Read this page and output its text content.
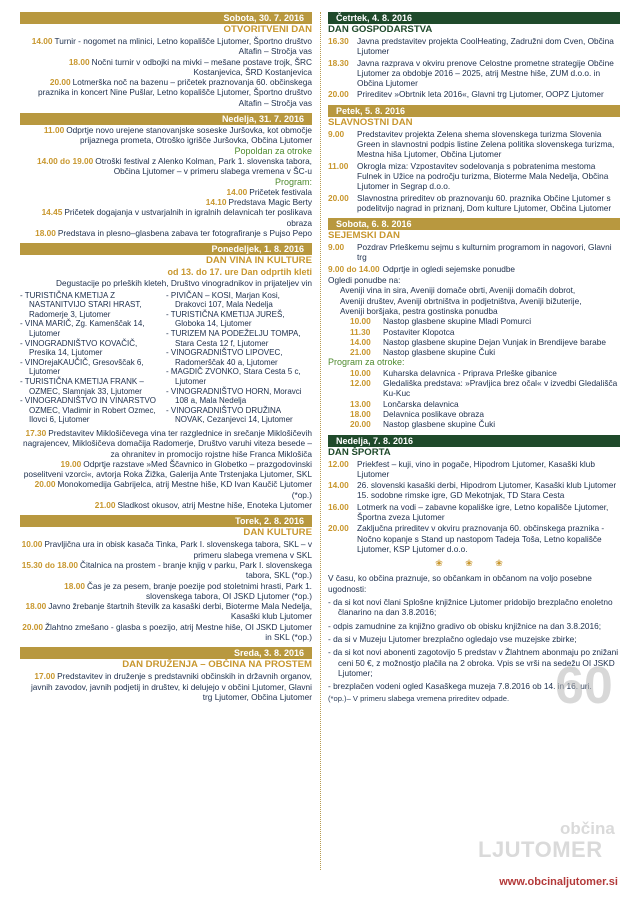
Sobota, 30. 7. 2016
OTVORITVENI DAN
14.00 Turnir - nogomet na mlinici, Letno kopališče Ljutomer, Športno društvo Altafin – Stročja vas
18.00 Nočni turnir v odbojki na mivki – mešane postave trojk, ŠRC Kostanjevica, ŠRD Kostanjevica
20.00 Lotmerška noč na bazenu – pričetek praznovanja 60. občinskega praznika in koncert Nine Pušlar, Letno kopališče Ljutomer, Športno društvo Altafin – Stročja vas
Nedelja, 31. 7. 2016
11.00 Odprtje novo urejene stanovanjske soseske Juršovka, kot območje prijaznega prometa, Otroško igrišče Juršovka, Občina Ljutomer
Popoldan za otroke
14.00 do 19.00 Otroški festival z Alenko Kolman, Park 1. slovenska tabora, Občina Ljutomer – v primeru slabega vremena v ŠC-u
Program:
14.00 Pričetek festivala
14.10 Predstava Magic Berty
14.45 Pričetek dogajanja v ustvarjalnih in igralnih delavnicah ter poslikava obraza
18.00 Predstava in plesno–glasbena zabava ter fotografiranje s Pujso Pepo
Ponedeljek, 1. 8. 2016
DAN VINA IN KULTURE
od 13. do 17. ure Dan odprtih kleti
Degustacije po prleških kleteh, Društvo vinogradnikov in prijateljev vin
- TURISTIČNA KMETIJA Z NASTANITVIJO STARI HRAST, Radomerje 3, Ljutomer
- VINA MARIČ, Zg. Kamenščak 14, Ljutomer
- VINOGRADNIŠTVO KOVAČIČ, Presika 14, Ljutomer
- VINOrejaKAUČIČ, Gresovščak 6, Ljutomer
- TURISTIČNA KMETIJA FRANK – OZMEC, Slamnjak 33, Ljutomer
- VINOGRADNIŠTVO IN VINARSTVO OZMEC, Vladimir in Robert Ozmec, Ilovci 6, Ljutomer
- PIVIČAN – KOSI, Marjan Kosi, Drakovci 107, Mala Nedelja
- TURISTIČNA KMETIJA JUREŠ, Globoka 14, Ljutomer
- TURIZEM NA PODEŽELJU TOMPA, Stara Cesta 12 f, Ljutomer
- VINOGRADNIŠTVO LIPOVEC, Radomerščak 40 a, Ljutomer
- MAGDIČ ZVONKO, Stara Cesta 5 c, Ljutomer
- VINOGRADNIŠTVO HORN, Moravci 108 a, Mala Nedelja
- VINOGRADNIŠTVO DRUŽINA NOVAK, Cezanjevci 14, Ljutomer
17.30 Predstavitev Miklošičevega vina ter razglednice in srečanje Miklošičevih nagrajencev, Miklošičeva domačija Radomerje, Društvo varuhi viteza besede – za ohranitev in promocijo rojstne hiše Franca Miklošiča
19.00 Odprtje razstave »Med Ščavnico in Globetko – prazgodovinski poselitveni vzorci«, avtorja Roka Žižka, Galerija Ante Trstenjaka Ljutomer, SKL
20.00 Monokomedija Gabrijelca, atrij Mestne hiše, KD Ivan Kaučič Ljutomer (*op.)
21.00 Sladkost okusov, atrij Mestne hiše, Enoteka Ljutomer
Torek, 2. 8. 2016
DAN KULTURE
10.00 Pravljična ura in obisk kasača Tinka, Park I. slovenskega tabora, SKL – v primeru slabega vremena v SKL
15.30 do 18.00 Čitalnica na prostem - branje knjig v parku, Park I. slovenskega tabora, SKL (*op.)
18.00 Čas je za pesem, branje poezije pod stoletnimi hrasti, Park 1. slovenskega tabora, OI JSKD Ljutomer (*op.)
18.00 Javno žrebanje štartnih številk za kasaški derbi, Bioterme Mala Nedelja, Kasaški klub Ljutomer
20.00 Žlahtno zmešano - glasba s poezijo, atrij Mestne hiše, OI JSKD Ljutomer in SKL (*op.)
Sreda, 3. 8. 2016
DAN DRUŽENJA – OBČINA NA PROSTEM
17.00 Predstavitev in druženje s predstavniki občinskih in državnih organov, javnih zavodov, javnih podjetij in društev, ki delujejo v občini Ljutomer, Glavni trg Ljutomer, Občina Ljutomer
Četrtek, 4. 8. 2016
DAN GOSPODARSTVA
16.30 Javna predstavitev projekta CoolHeating, Zadružni dom Cven, Občina Ljutomer
18.30 Javna razprava v okviru prenove Celostne prometne strategije Občine Ljutomer za obdobje 2016 – 2025, atrij Mestne hiše, ZUM d.o.o. in Občina Ljutomer
20.00 Prireditev »Obrtnik leta 2016«, Glavni trg Ljutomer, OOPZ Ljutomer
Petek, 5. 8. 2016
SLAVNOSTNI DAN
9.00	Predstavitev projekta Zelena shema slovenskega turizma Slovenia Green in slavnostni podpis listine Zelena politika slovenskega turizma, Mestna hiša Ljutomer, Občina Ljutomer
11.00	Okrogla miza: Vzpostavitev sodelovanja s pobratenima mestoma Fulnek in Užice na področju turizma, Bioterme Mala Nedelja, Občina Ljutomer in Segrap d.o.o.
20.00 Slavnostna prireditev ob praznovanju 60. praznika Občine Ljutomer s podelitvijo nagrad in priznanj, Dom kulture Ljutomer, Občina Ljutomer
Sobota, 6. 8. 2016
SEJEMSKI DAN
9.00	Pozdrav Prleškemu sejmu s kulturnim programom in nagovori, Glavni trg
9.00 do 14.00 Odprtje in ogledi sejemske ponudbe
Ogledi ponudbe na:
Aveniji vina in sira, Aveniji domače obrti, Aveniji domačih dobrot,
Aveniji društev, Aveniji obrtništva in podjetništva, Aveniji bižuterije,
Aveniji boršjaka, pestra gostinska ponudba
10.00	Nastop glasbene skupine Mladi Pomurci
11.30	Postaviter Klopotca
14.00	Nastop glasbene skupine Dejan Vunjak in Brendijeve barabe
21.00	Nastop glasbene skupine Čuki
Program za otroke:
10.00	Kuharska delavnica - Priprava Prleške gibanice
12.00	Gledališka predstava: »Pravljica brez očal« v izvedbi Gledališča Ku-Kuc
13.00	Lončarska delavnica
18.00	Delavnica poslikave obraza
20.00	Nastop glasbene skupine Čuki
Nedelja, 7. 8. 2016
DAN ŠPORTA
12.00 Priekfest – kuji, vino in pogače, Hipodrom Ljutomer, Kasaški klub Ljutomer
14.00 26. slovenski kasaški derbi, Hipodrom Ljutomer, Kasaški klub Ljutomer 15. sodobne rimske igre, GD Mekotnjak, TD Stara Cesta
16.00 Lotmerk na vodi – zabavne kopališke igre, Letno kopališče Ljutomer, Športna zveza Ljutomer
20.00 Zaključna prireditev v okviru praznovanja 60. občinskega praznika - Nočno kopanje s Stand up nastopom Tadeja Toša, Letno kopališče Ljutomer, KSP Ljutomer d.o.o.
❀ ❀ ❀
V času, ko občina praznuje, so občankam in občanom na voljo posebne ugodnosti:
- da si kot novi člani Splošne knjižnice Ljutomer pridobijo brezplačno enoletno članarino na dan 3.8.2016;
- odpis zamudnine za knjižno gradivo ob obisku knjižnice na dan 3.8.2016;
- da si v Muzeju Ljutomer brezplačno ogledajo vse muzejske zbirke;
- da si kot novi abonenti zagotovijo 5 predstav v Žlahtnem abonmaju po znižani ceni 50 €, z možnostjo plačila na 2 obroka. Vpis se vrši na sedežu OI JSKD Ljutomer;
- brezplačen vodeni ogled Kasaškega muzeja 7.8.2016 ob 14. in 16. uri.
(*op.)– V primeru slabega vremena prireditev odpade. 60
občina
LJUTOMER
www.obcinaljutomer.si
